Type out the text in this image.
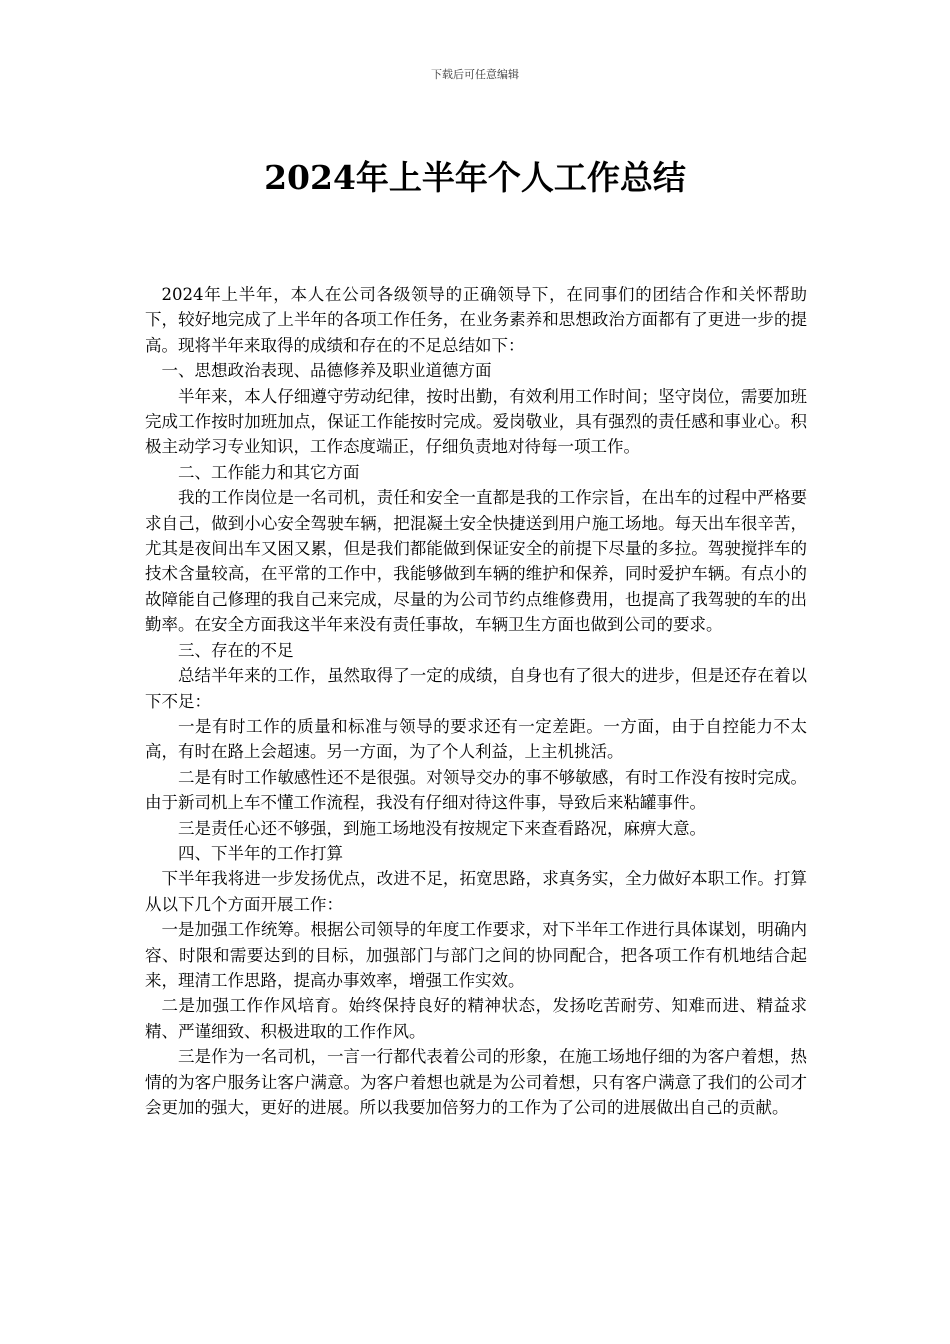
下载后可任意编辑
2024年上半年个人工作总结

2024年上半年，本人在公司各级领导的正确领导下，在同事们的团结合作和关怀帮助下，较好地完成了上半年的各项工作任务，在业务素养和思想政治方面都有了更进一步的提高。现将半年来取得的成绩和存在的不足总结如下：

一、思想政治表现、品德修养及职业道德方面

半年来，本人仔细遵守劳动纪律，按时出勤，有效利用工作时间；坚守岗位，需要加班完成工作按时加班加点，保证工作能按时完成。爱岗敬业，具有强烈的责任感和事业心。积极主动学习专业知识，工作态度端正，仔细负责地对待每一项工作。

二、工作能力和其它方面

我的工作岗位是一名司机，责任和安全一直都是我的工作宗旨，在出车的过程中严格要求自己，做到小心安全驾驶车辆，把混凝土安全快捷送到用户施工场地。每天出车很辛苦，尤其是夜间出车又困又累，但是我们都能做到保证安全的前提下尽量的多拉。驾驶搅拌车的技术含量较高，在平常的工作中，我能够做到车辆的维护和保养，同时爱护车辆。有点小的故障能自己修理的我自己来完成，尽量的为公司节约点维修费用，也提高了我驾驶的车的出勤率。在安全方面我这半年来没有责任事故，车辆卫生方面也做到公司的要求。

三、存在的不足

总结半年来的工作，虽然取得了一定的成绩，自身也有了很大的进步，但是还存在着以下不足：

一是有时工作的质量和标准与领导的要求还有一定差距。一方面，由于自控能力不太高，有时在路上会超速。另一方面，为了个人利益，上主机挑活。

二是有时工作敏感性还不是很强。对领导交办的事不够敏感，有时工作没有按时完成。由于新司机上车不懂工作流程，我没有仔细对待这件事，导致后来粘罐事件。

三是责任心还不够强，到施工场地没有按规定下来查看路况，麻痹大意。

四、下半年的工作打算

下半年我将进一步发扬优点，改进不足，拓宽思路，求真务实，全力做好本职工作。打算从以下几个方面开展工作：

一是加强工作统筹。根据公司领导的年度工作要求，对下半年工作进行具体谋划，明确内容、时限和需要达到的目标，加强部门与部门之间的协同配合，把各项工作有机地结合起来，理清工作思路，提高办事效率，增强工作实效。

二是加强工作作风培育。始终保持良好的精神状态，发扬吃苦耐劳、知难而进、精益求精、严谨细致、积极进取的工作作风。

三是作为一名司机，一言一行都代表着公司的形象，在施工场地仔细的为客户着想，热情的为客户服务让客户满意。为客户着想也就是为公司着想，只有客户满意了我们的公司才会更加的强大，更好的进展。所以我要加倍努力的工作为了公司的进展做出自己的贡献。
